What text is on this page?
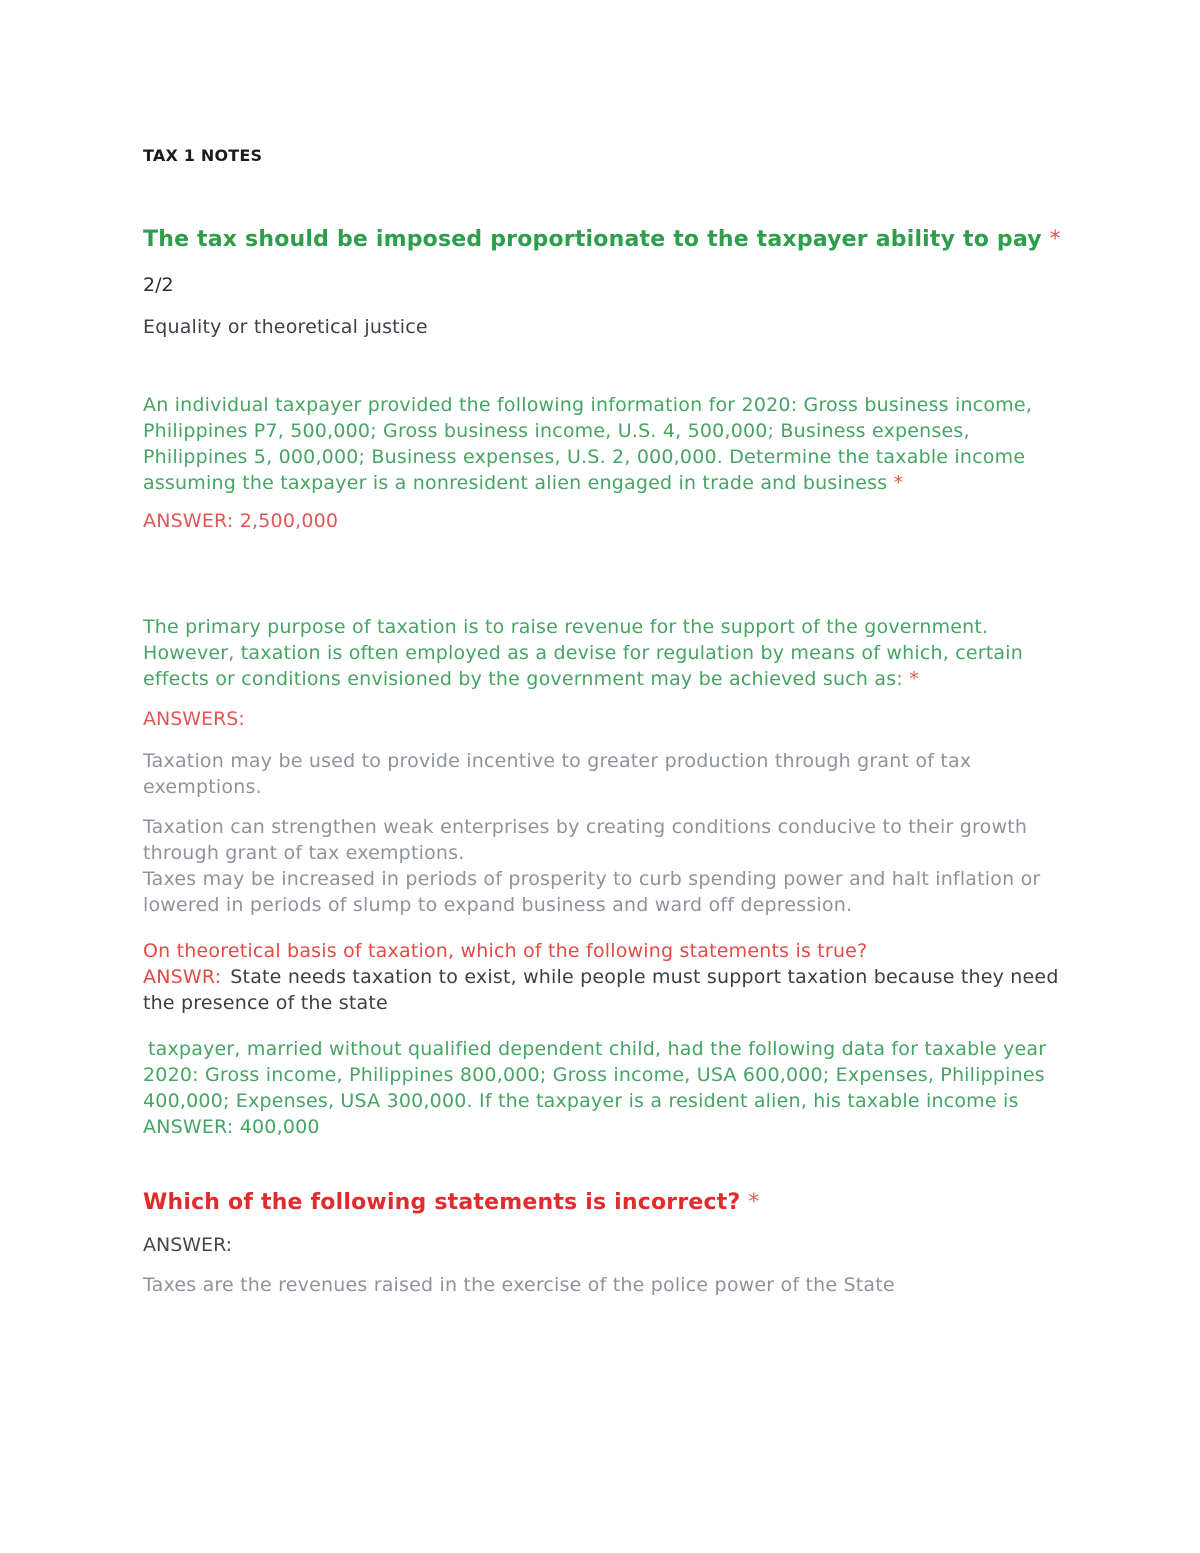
TAX 1 NOTES
The tax should be imposed proportionate to the taxpayer ability to pay *
2/2
Equality or theoretical justice
An individual taxpayer provided the following information for 2020: Gross business income, Philippines P7, 500,000; Gross business income, U.S. 4, 500,000; Business expenses, Philippines 5, 000,000; Business expenses, U.S. 2, 000,000. Determine the taxable income assuming the taxpayer is a nonresident alien engaged in trade and business *
ANSWER: 2,500,000
The primary purpose of taxation is to raise revenue for the support of the government. However, taxation is often employed as a devise for regulation by means of which, certain effects or conditions envisioned by the government may be achieved such as: *
ANSWERS:
Taxation may be used to provide incentive to greater production through grant of tax exemptions.
Taxation can strengthen weak enterprises by creating conditions conducive to their growth through grant of tax exemptions.
Taxes may be increased in periods of prosperity to curb spending power and halt inflation or lowered in periods of slump to expand business and ward off depression.
On theoretical basis of taxation, which of the following statements is true?
ANSWR: State needs taxation to exist, while people must support taxation because they need the presence of the state
taxpayer, married without qualified dependent child, had the following data for taxable year 2020: Gross income, Philippines 800,000; Gross income, USA 600,000; Expenses, Philippines 400,000; Expenses, USA 300,000. If the taxpayer is a resident alien, his taxable income is
ANSWER: 400,000
Which of the following statements is incorrect? *
ANSWER:
Taxes are the revenues raised in the exercise of the police power of the State
